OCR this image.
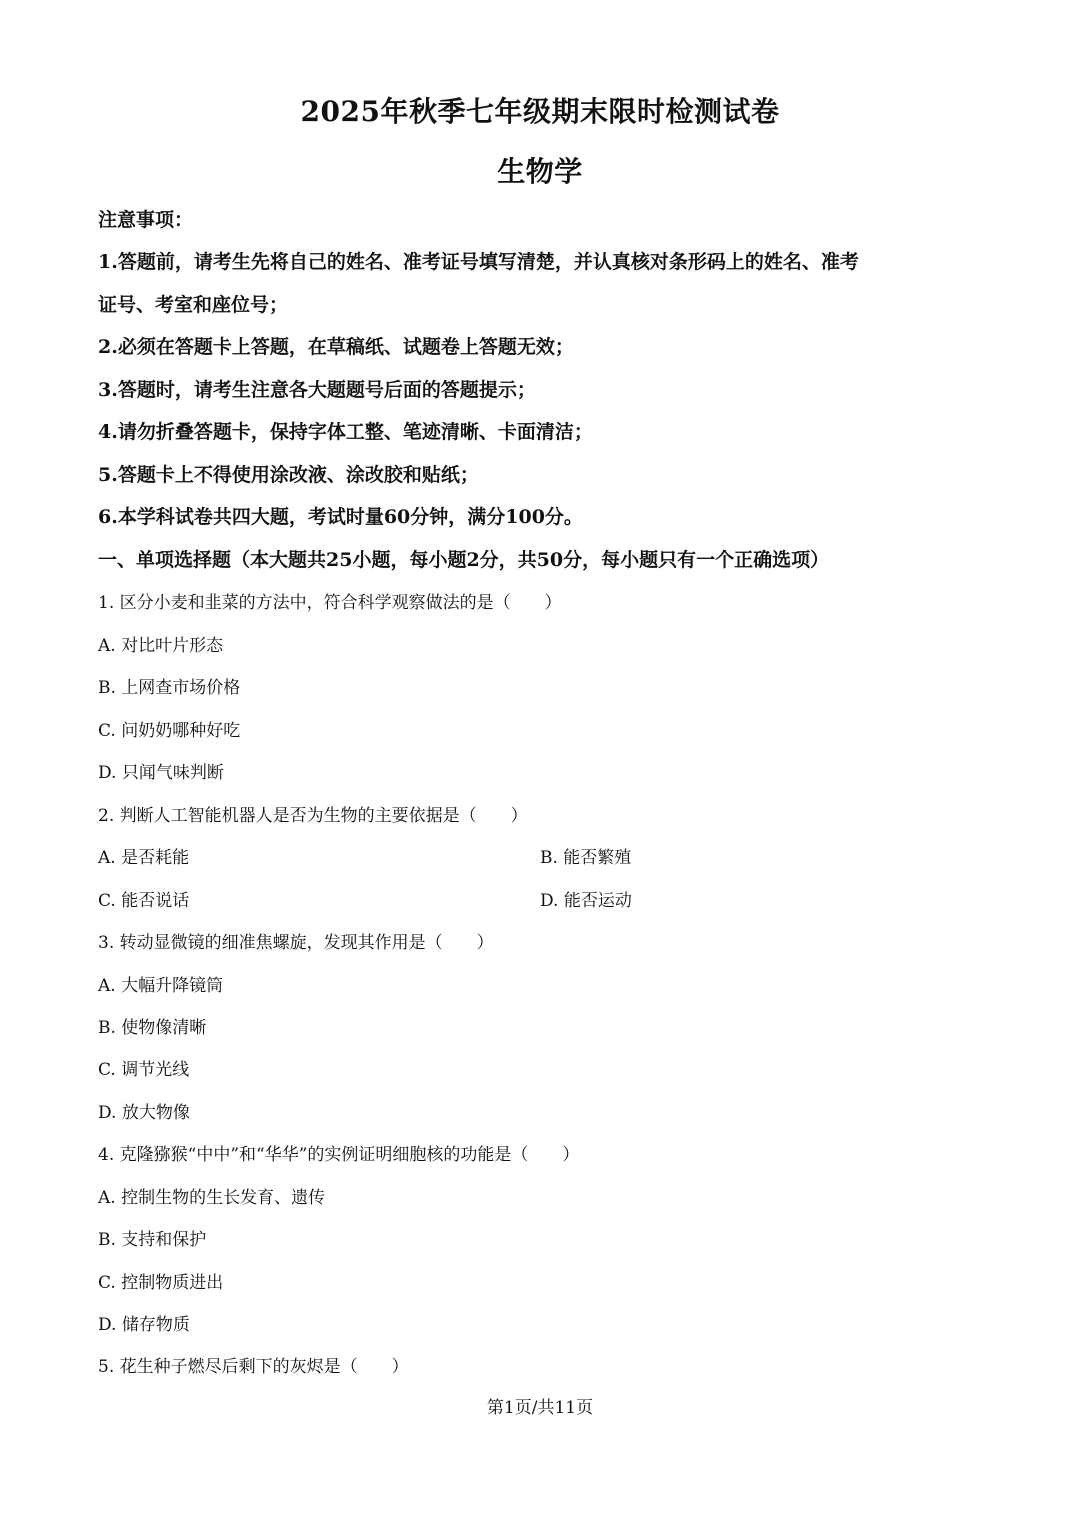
2025年秋季七年级期末限时检测试卷
生物学
注意事项：
1.答题前，请考生先将自己的姓名、准考证号填写清楚，并认真核对条形码上的姓名、准考
证号、考室和座位号；
2.必须在答题卡上答题，在草稿纸、试题卷上答题无效；
3.答题时，请考生注意各大题题号后面的答题提示；
4.请勿折叠答题卡，保持字体工整、笔迹清晰、卡面清洁；
5.答题卡上不得使用涂改液、涂改胶和贴纸；
6.本学科试卷共四大题，考试时量60分钟，满分100分。
一、单项选择题（本大题共25小题，每小题2分，共50分，每小题只有一个正确选项）
1. 区分小麦和韭菜的方法中，符合科学观察做法的是（　　）
A. 对比叶片形态
B. 上网查市场价格
C. 问奶奶哪种好吃
D. 只闻气味判断
2. 判断人工智能机器人是否为生物的主要依据是（　　）
A. 是否耗能	B. 能否繁殖
C. 能否说话	D. 能否运动
3. 转动显微镜的细准焦螺旋，发现其作用是（　　）
A. 大幅升降镜筒
B. 使物像清晰
C. 调节光线
D. 放大物像
4. 克隆猕猴“中中”和“华华”的实例证明细胞核的功能是（　　）
A. 控制生物的生长发育、遗传
B. 支持和保护
C. 控制物质进出
D. 储存物质
5. 花生种子燃尽后剩下的灰烬是（　　）
第1页/共11页
